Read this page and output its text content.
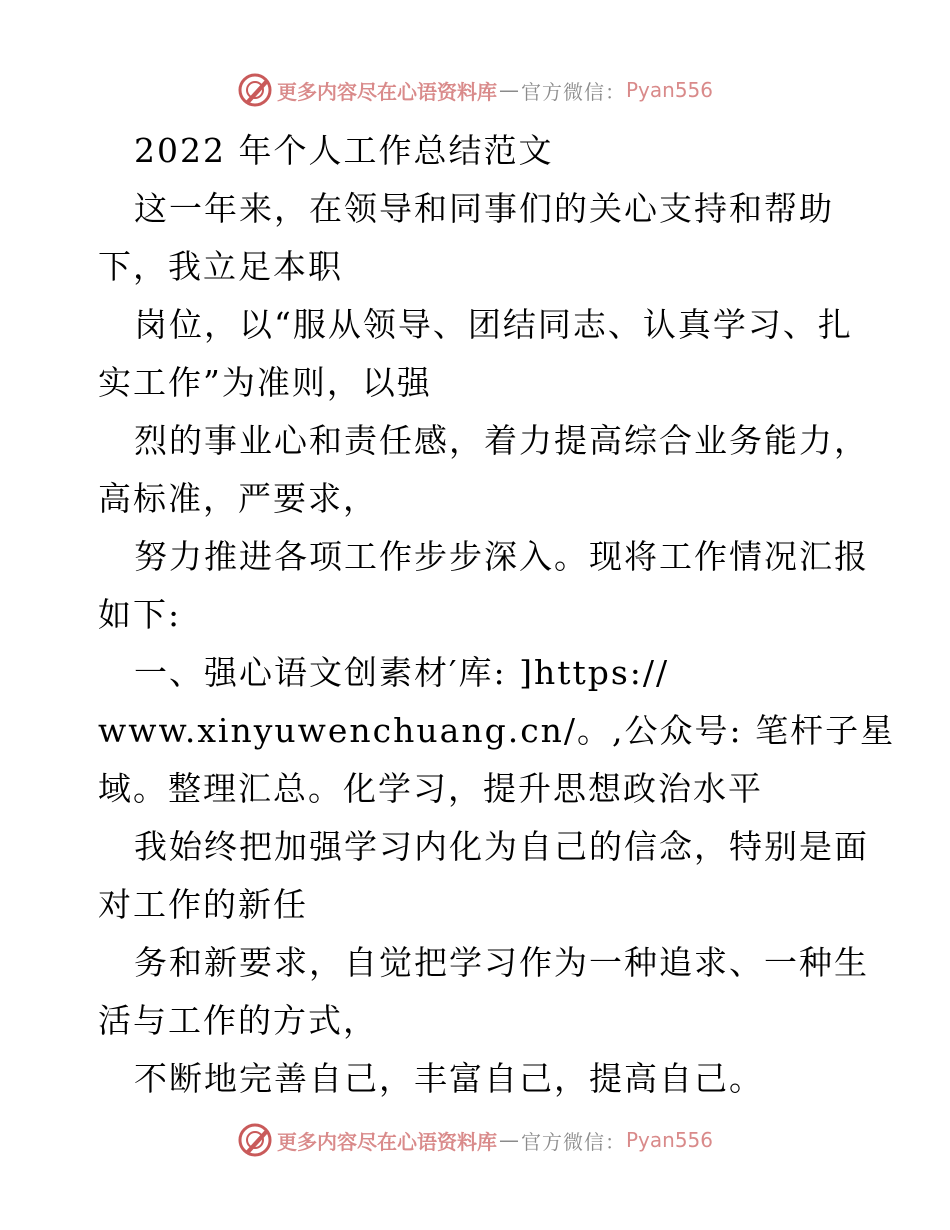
更多内容尽在心语资料库 — 官方微信： Pyan556
2022 年个人工作总结范文
这一年来，在领导和同事们的关心支持和帮助
下，我立足本职
岗位，以“服从领导、团结同志、认真学习、扎
实工作”为准则，以强
烈的事业心和责任感，着力提高综合业务能力，
高标准，严要求，
努力推进各项工作步步深入。现将工作情况汇报
如下:
一、强心语文创素材′库: ]https://
www.xinyuwenchuang.cn/。,公众号: 笔杆子星
域。整理汇总。化学习，提升思想政治水平
我始终把加强学习内化为自己的信念，特别是面
对工作的新任
务和新要求，自觉把学习作为一种追求、一种生
活与工作的方式，
不断地完善自己，丰富自己，提高自己。
更多内容尽在心语资料库 — 官方微信： Pyan556
